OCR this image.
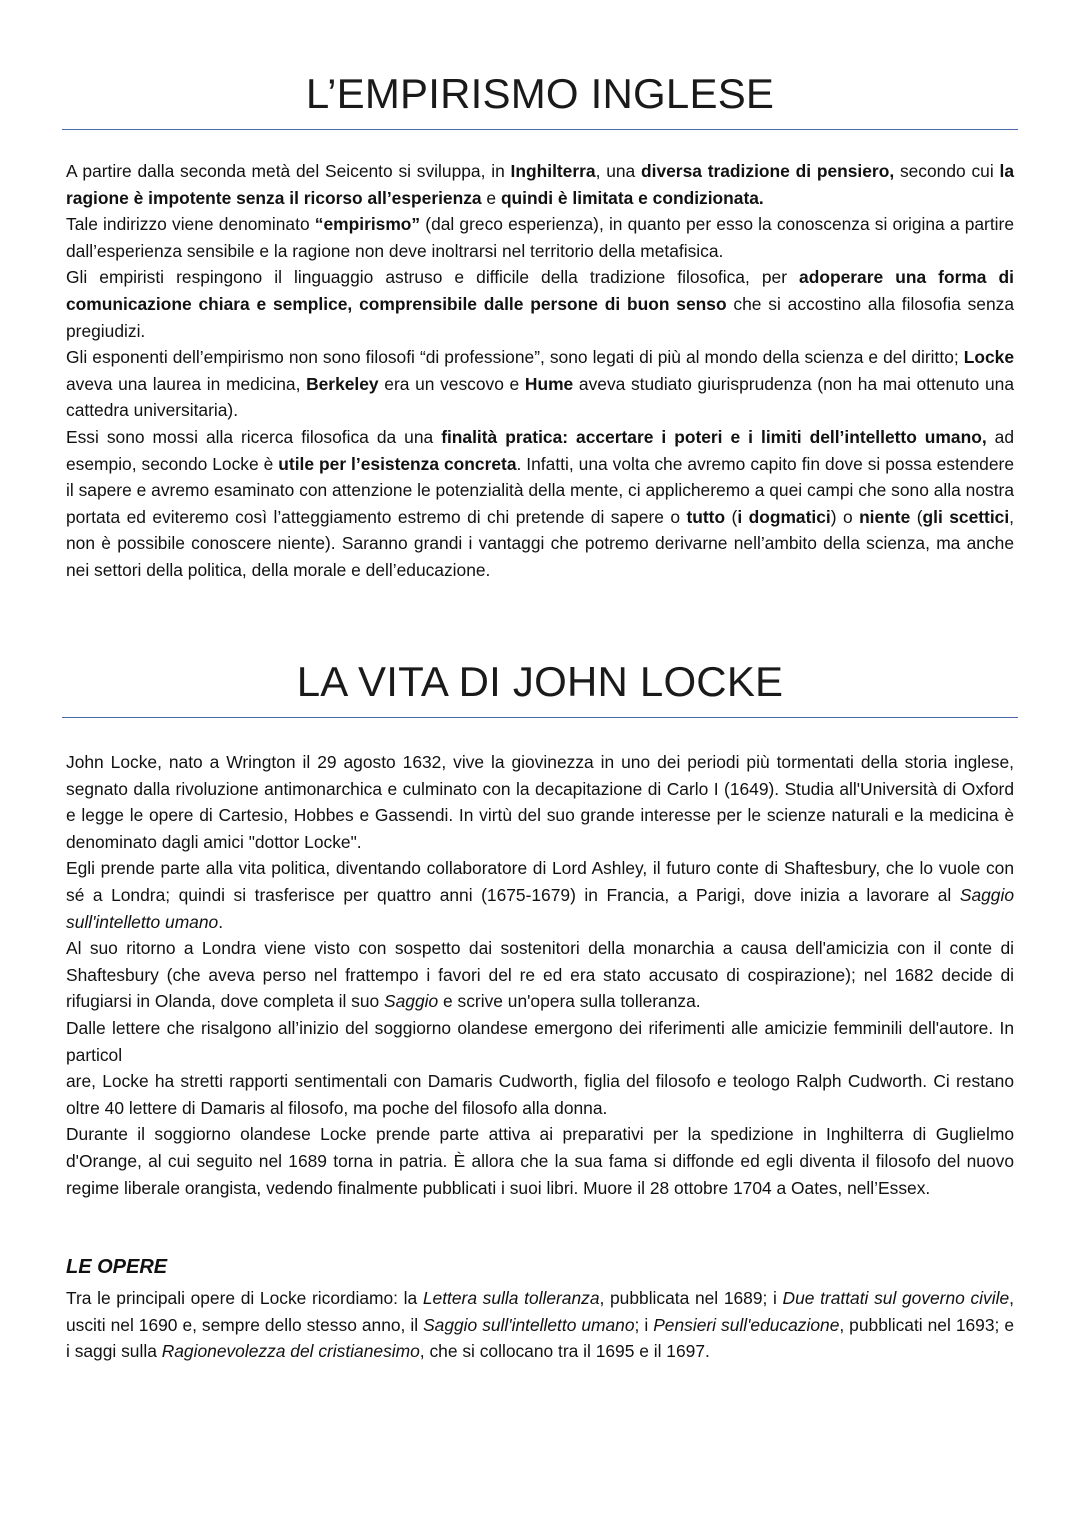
L’EMPIRISMO INGLESE

A partire dalla seconda metà del Seicento si sviluppa, in Inghilterra, una diversa tradizione di pensiero, secondo cui la ragione è impotente senza il ricorso all’esperienza e quindi è limitata e condizionata.

Tale indirizzo viene denominato “empirismo” (dal greco esperienza), in quanto per esso la conoscenza si origina a partire dall’esperienza sensibile e la ragione non deve inoltrarsi nel territorio della metafisica.

Gli empiristi respingono il linguaggio astruso e difficile della tradizione filosofica, per adoperare una forma di comunicazione chiara e semplice, comprensibile dalle persone di buon senso che si accostino alla filosofia senza pregiudizi.

Gli esponenti dell’empirismo non sono filosofi “di professione”, sono legati di più al mondo della scienza e del diritto; Locke aveva una laurea in medicina, Berkeley era un vescovo e Hume aveva studiato giurisprudenza (non ha mai ottenuto una cattedra universitaria).

Essi sono mossi alla ricerca filosofica da una finalità pratica: accertare i poteri e i limiti dell’intelletto umano, ad esempio, secondo Locke è utile per l’esistenza concreta. Infatti, una volta che avremo capito fin dove si possa estendere il sapere e avremo esaminato con attenzione le potenzialità della mente, ci applicheremo a quei campi che sono alla nostra portata ed eviteremo così l’atteggiamento estremo di chi pretende di sapere o tutto (i dogmatici) o niente (gli scettici, non è possibile conoscere niente). Saranno grandi i vantaggi che potremo derivarne nell’ambito della scienza, ma anche nei settori della politica, della morale e dell’educazione.

LA VITA DI JOHN LOCKE

John Locke, nato a Wrington il 29 agosto 1632, vive la giovinezza in uno dei periodi più tormentati della storia inglese, segnato dalla rivoluzione antimonarchica e culminato con la decapitazione di Carlo I (1649). Studia all'Università di Oxford e legge le opere di Cartesio, Hobbes e Gassendi. In virtù del suo grande interesse per le scienze naturali e la medicina è denominato dagli amici "dottor Locke".

Egli prende parte alla vita politica, diventando collaboratore di Lord Ashley, il futuro conte di Shaftesbury, che lo vuole con sé a Londra; quindi si trasferisce per quattro anni (1675-1679) in Francia, a Parigi, dove inizia a lavorare al Saggio sull'intelletto umano.

Al suo ritorno a Londra viene visto con sospetto dai sostenitori della monarchia a causa dell'amicizia con il conte di Shaftesbury (che aveva perso nel frattempo i favori del re ed era stato accusato di cospirazione); nel 1682 decide di rifugiarsi in Olanda, dove completa il suo Saggio e scrive un'opera sulla tolleranza.

Dalle lettere che risalgono all’inizio del soggiorno olandese emergono dei riferimenti alle amicizie femminili dell'autore. In particol

are, Locke ha stretti rapporti sentimentali con Damaris Cudworth, figlia del filosofo e teologo Ralph Cudworth. Ci restano oltre 40 lettere di Damaris al filosofo, ma poche del filosofo alla donna.

Durante il soggiorno olandese Locke prende parte attiva ai preparativi per la spedizione in Inghilterra di Guglielmo d'Orange, al cui seguito nel 1689 torna in patria. È allora che la sua fama si diffonde ed egli diventa il filosofo del nuovo regime liberale orangista, vedendo finalmente pubblicati i suoi libri. Muore il 28 ottobre 1704 a Oates, nell’Essex.

LE OPERE

Tra le principali opere di Locke ricordiamo: la Lettera sulla tolleranza, pubblicata nel 1689; i Due trattati sul governo civile, usciti nel 1690 e, sempre dello stesso anno, il Saggio sull'intelletto umano; i Pensieri sull'educazione, pubblicati nel 1693; e i saggi sulla Ragionevolezza del cristianesimo, che si collocano tra il 1695 e il 1697.
